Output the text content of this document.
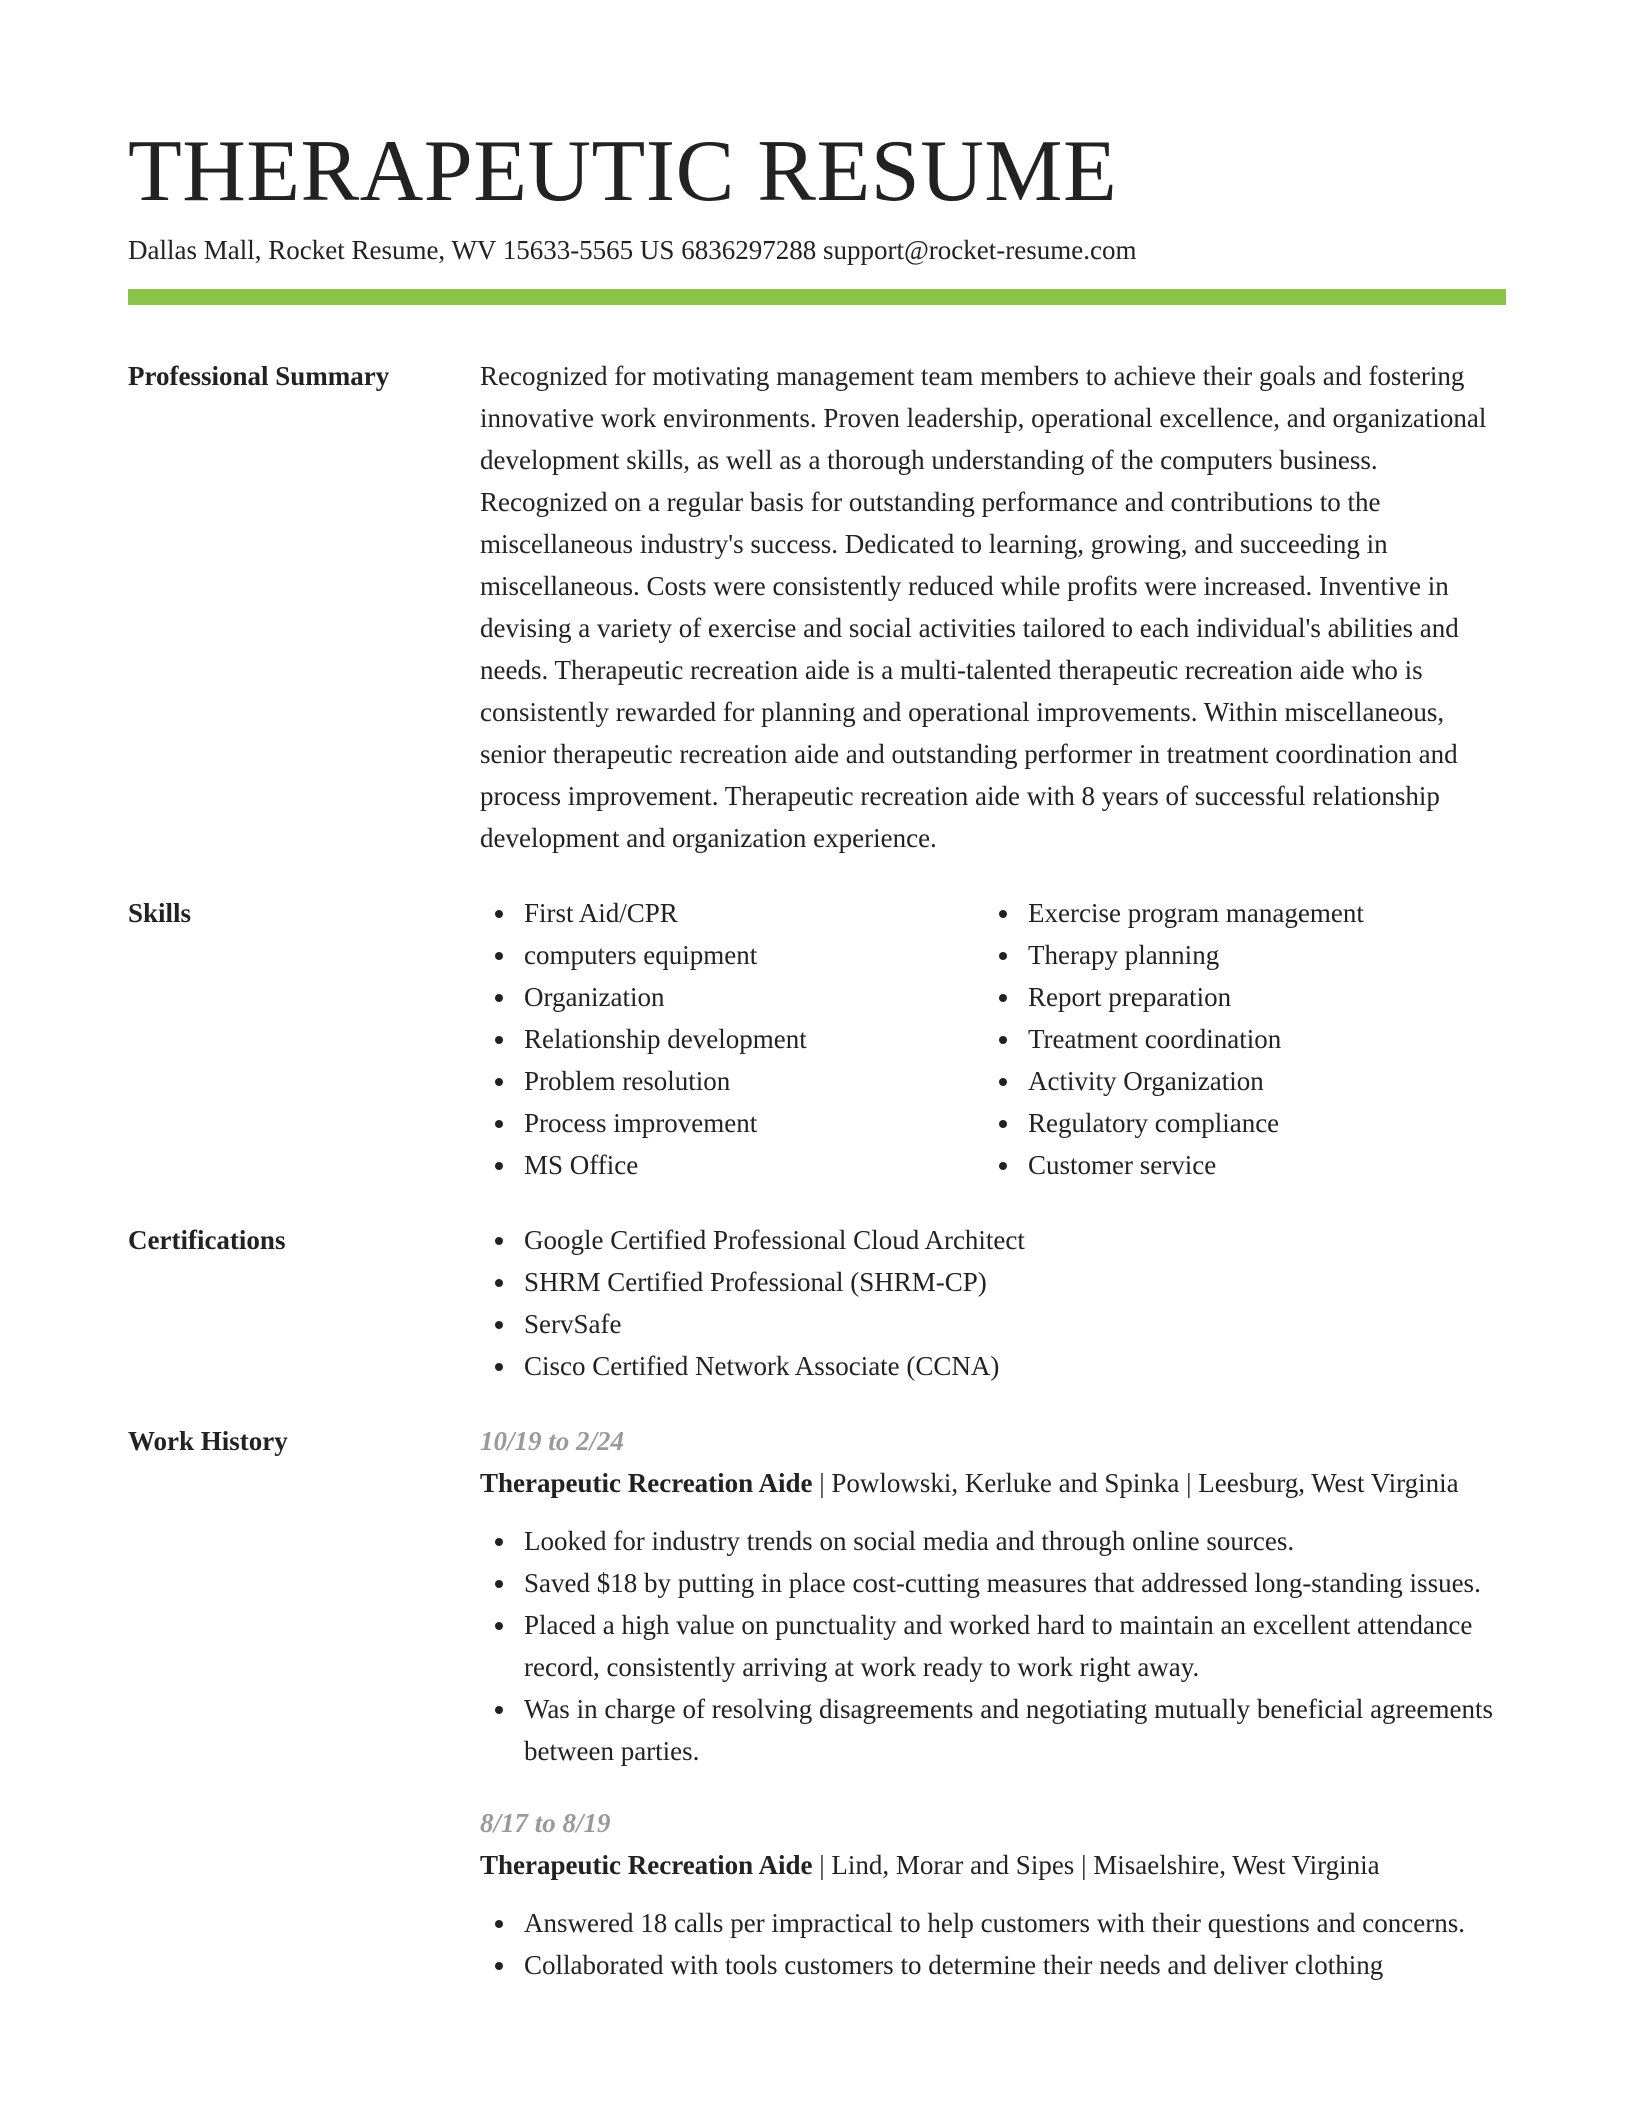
THERAPEUTIC RESUME
Dallas Mall, Rocket Resume, WV 15633-5565 US 6836297288 support@rocket-resume.com
Professional Summary	Recognized for motivating management team members to achieve their goals and fostering innovative work environments. Proven leadership, operational excellence, and organizational development skills, as well as a thorough understanding of the computers business. Recognized on a regular basis for outstanding performance and contributions to the miscellaneous industry's success. Dedicated to learning, growing, and succeeding in miscellaneous. Costs were consistently reduced while profits were increased. Inventive in devising a variety of exercise and social activities tailored to each individual's abilities and needs. Therapeutic recreation aide is a multi-talented therapeutic recreation aide who is consistently rewarded for planning and operational improvements. Within miscellaneous, senior therapeutic recreation aide and outstanding performer in treatment coordination and process improvement. Therapeutic recreation aide with 8 years of successful relationship development and organization experience.
Skills	First Aid/CPR
computers equipment
Organization
Relationship development
Problem resolution
Process improvement
MS Office
Exercise program management
Therapy planning
Report preparation
Treatment coordination
Activity Organization
Regulatory compliance
Customer service
Certifications	Google Certified Professional Cloud Architect
SHRM Certified Professional (SHRM-CP)
ServSafe
Cisco Certified Network Associate (CCNA)
Work History	10/19 to 2/24
Therapeutic Recreation Aide | Powlowski, Kerluke and Spinka | Leesburg, West Virginia
Looked for industry trends on social media and through online sources.
Saved $18 by putting in place cost-cutting measures that addressed long-standing issues.
Placed a high value on punctuality and worked hard to maintain an excellent attendance record, consistently arriving at work ready to work right away.
Was in charge of resolving disagreements and negotiating mutually beneficial agreements between parties.
8/17 to 8/19
Therapeutic Recreation Aide | Lind, Morar and Sipes | Misaelshire, West Virginia
Answered 18 calls per impractical to help customers with their questions and concerns.
Collaborated with tools customers to determine their needs and deliver clothing
